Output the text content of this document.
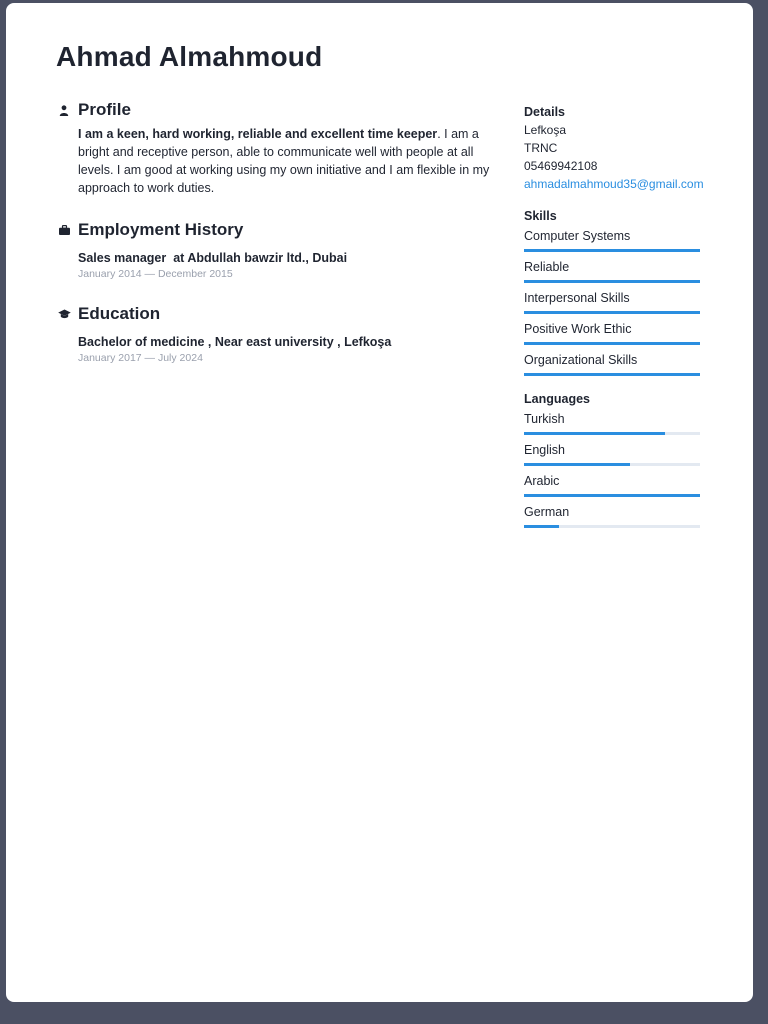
Ahmad Almahmoud
Profile
I am a keen, hard working, reliable and excellent time keeper. I am a bright and receptive person, able to communicate well with people at all levels. I am good at working using my own initiative and I am flexible in my approach to work duties.
Employment History
Sales manager  at Abdullah bawzir ltd., Dubai
January 2014 — December 2015
Education
Bachelor of medicine , Near east university , Lefkoşa
January 2017 — July 2024
Details
Lefkoşa
TRNC
05469942108
ahmadalmahmoud35@gmail.com
Skills
Computer Systems
Reliable
Interpersonal Skills
Positive Work Ethic
Organizational Skills
Languages
Turkish
English
Arabic
German
